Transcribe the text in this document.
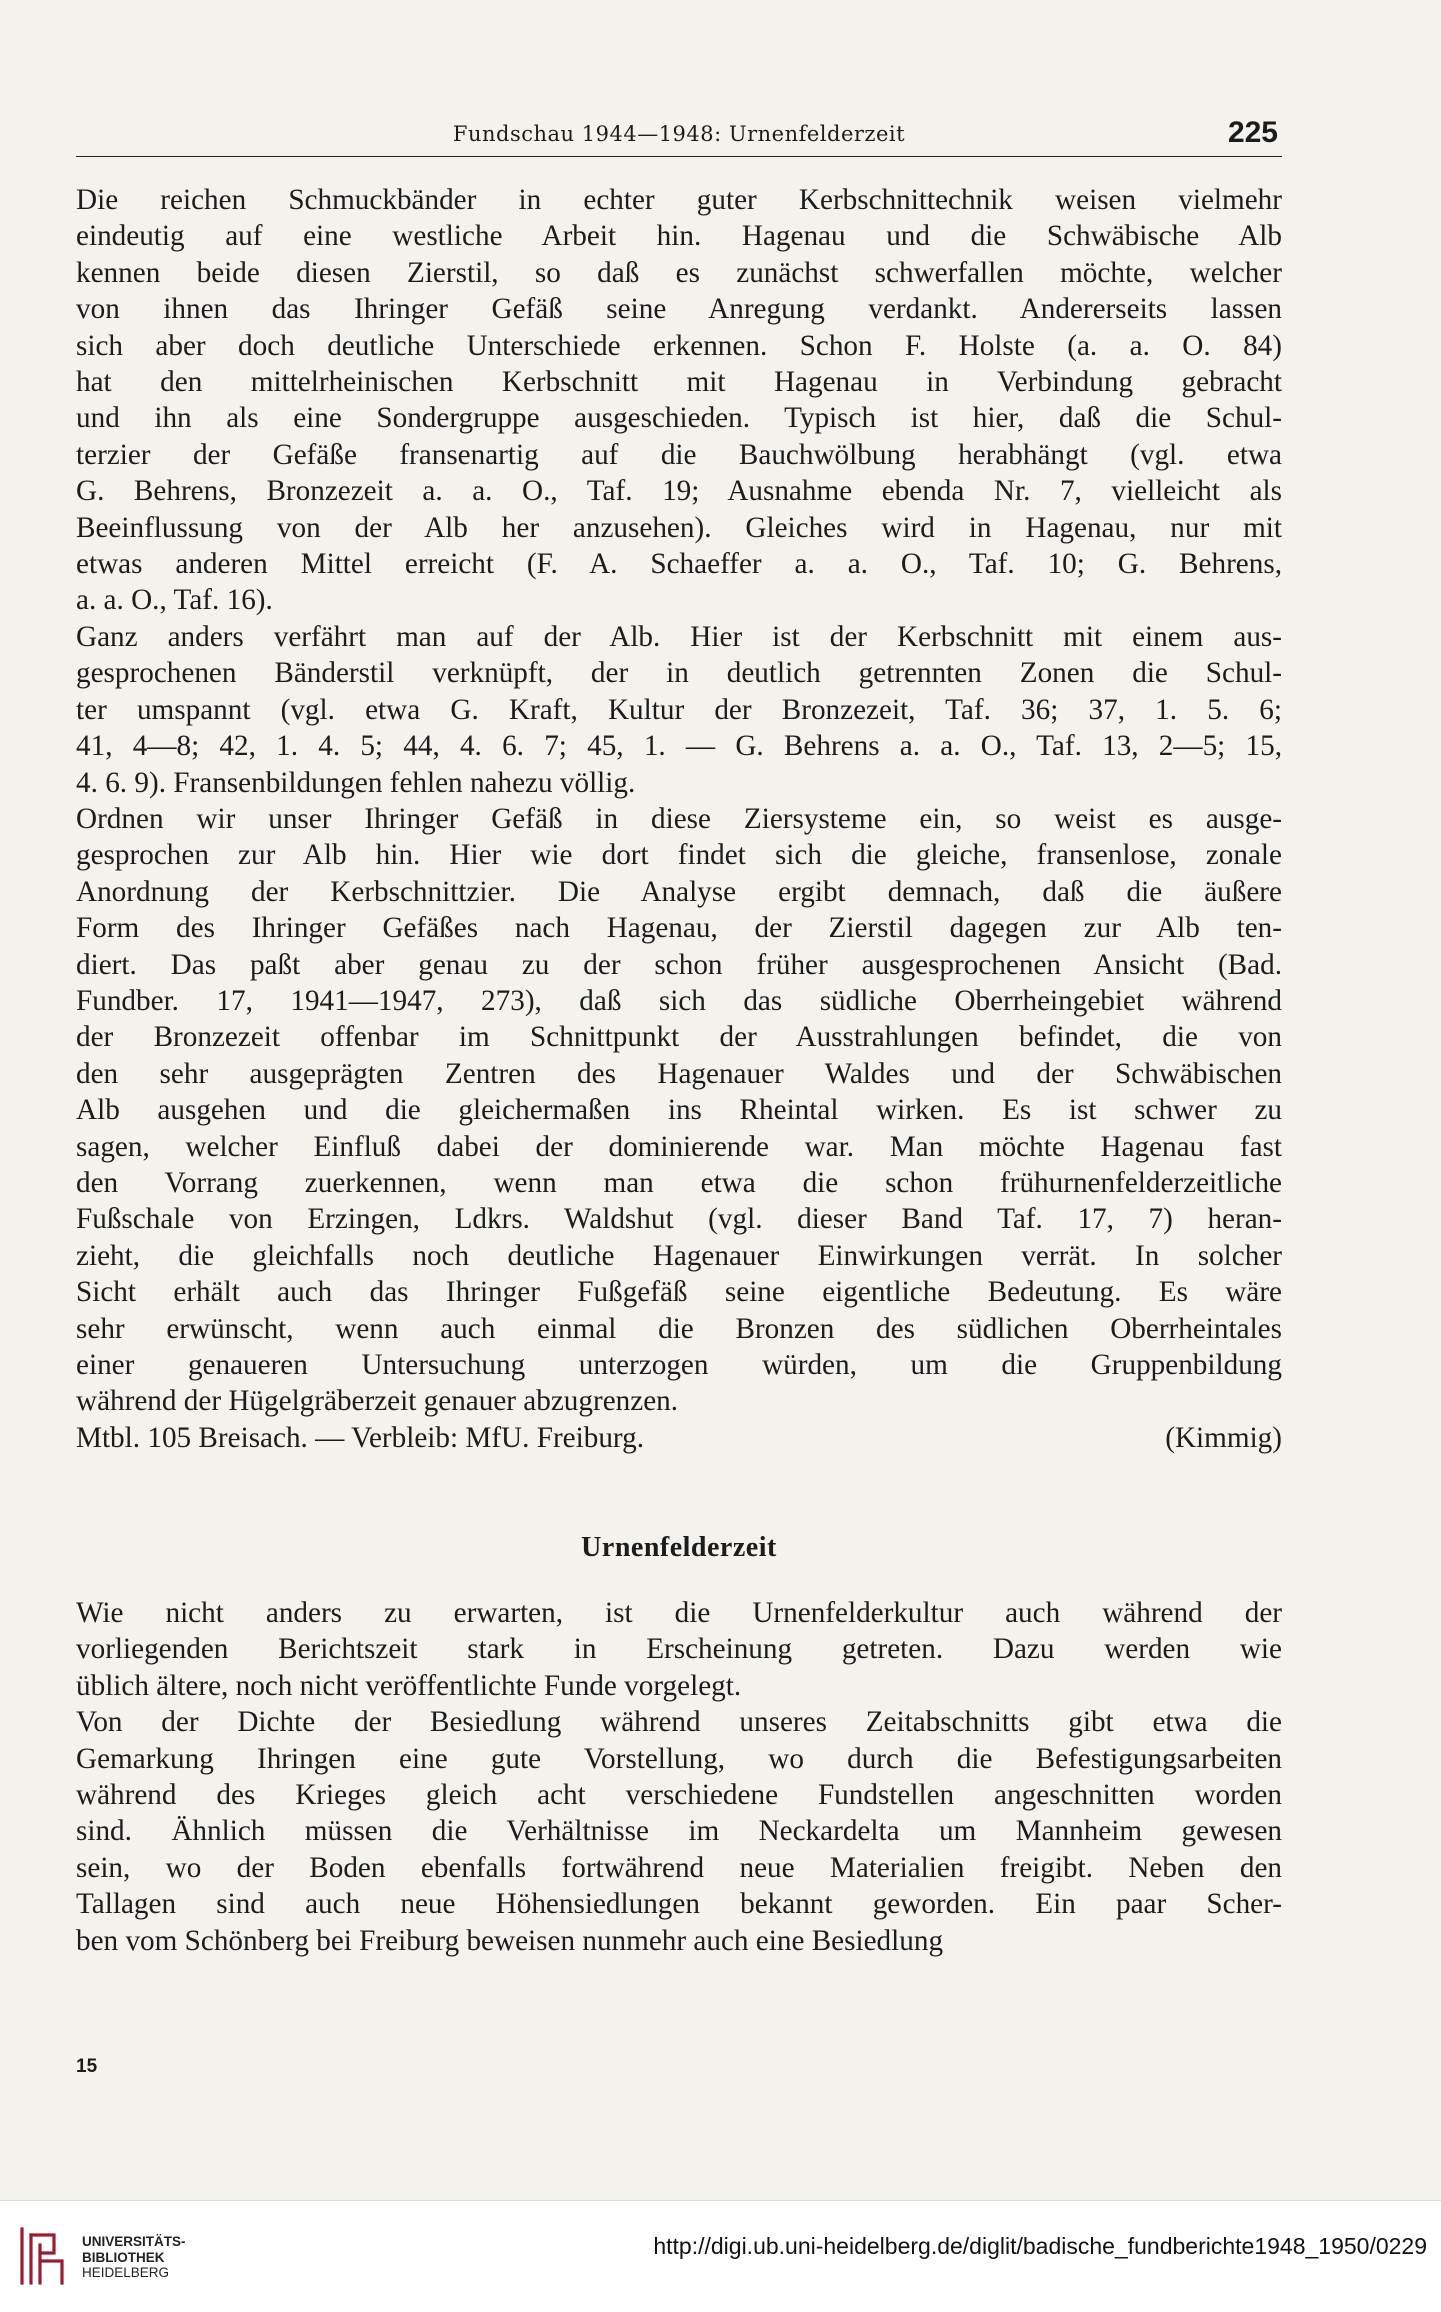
Fundschau 1944—1948: Urnenfelderzeit	225

Die reichen Schmuckbänder in echter guter Kerbschnittechnik weisen vielmehr
eindeutig auf eine westliche Arbeit hin. Hagenau und die Schwäbische Alb
kennen beide diesen Zierstil, so daß es zunächst schwerfallen möchte, welcher
von ihnen das Ihringer Gefäß seine Anregung verdankt. Andererseits lassen
sich aber doch deutliche Unterschiede erkennen. Schon F. Holste (a. a. O. 84)
hat den mittelrheinischen Kerbschnitt mit Hagenau in Verbindung gebracht
und ihn als eine Sondergruppe ausgeschieden. Typisch ist hier, daß die Schul-
terzier der Gefäße fransenartig auf die Bauchwölbung herabhängt (vgl. etwa
G. Behrens, Bronzezeit a. a. O., Taf. 19; Ausnahme ebenda Nr. 7, vielleicht als
Beeinflussung von der Alb her anzusehen). Gleiches wird in Hagenau, nur mit
etwas anderen Mittel erreicht (F. A. Schaeffer a. a. O., Taf. 10; G. Behrens,
a. a. O., Taf. 16).

Ganz anders verfährt man auf der Alb. Hier ist der Kerbschnitt mit einem aus-
gesprochenen Bänderstil verknüpft, der in deutlich getrennten Zonen die Schul-
ter umspannt (vgl. etwa G. Kraft, Kultur der Bronzezeit, Taf. 36; 37, 1. 5. 6;
41, 4—8; 42, 1. 4. 5; 44, 4. 6. 7; 45, 1. — G. Behrens a. a. O., Taf. 13, 2—5; 15,
4. 6. 9). Fransenbildungen fehlen nahezu völlig.

Ordnen wir unser Ihringer Gefäß in diese Ziersysteme ein, so weist es ausge-
gesprochen zur Alb hin. Hier wie dort findet sich die gleiche, fransenlose, zonale
Anordnung der Kerbschnittzier. Die Analyse ergibt demnach, daß die äußere
Form des Ihringer Gefäßes nach Hagenau, der Zierstil dagegen zur Alb ten-
diert. Das paßt aber genau zu der schon früher ausgesprochenen Ansicht (Bad.
Fundber. 17, 1941—1947, 273), daß sich das südliche Oberrheingebiet während
der Bronzezeit offenbar im Schnittpunkt der Ausstrahlungen befindet, die von
den sehr ausgeprägten Zentren des Hagenauer Waldes und der Schwäbischen
Alb ausgehen und die gleichermaßen ins Rheintal wirken. Es ist schwer zu
sagen, welcher Einfluß dabei der dominierende war. Man möchte Hagenau fast
den Vorrang zuerkennen, wenn man etwa die schon frühurnenfelderzeitliche
Fußschale von Erzingen, Ldkrs. Waldshut (vgl. dieser Band Taf. 17, 7) heran-
zieht, die gleichfalls noch deutliche Hagenauer Einwirkungen verrät. In solcher
Sicht erhält auch das Ihringer Fußgefäß seine eigentliche Bedeutung. Es wäre
sehr erwünscht, wenn auch einmal die Bronzen des südlichen Oberrheintales
einer genaueren Untersuchung unterzogen würden, um die Gruppenbildung
während der Hügelgräberzeit genauer abzugrenzen.

Mtbl. 105 Breisach. — Verbleib: MfU. Freiburg.	(Kimmig)
Urnenfelderzeit

Wie nicht anders zu erwarten, ist die Urnenfelderkultur auch während der
vorliegenden Berichtszeit stark in Erscheinung getreten. Dazu werden wie
üblich ältere, noch nicht veröffentlichte Funde vorgelegt.

Von der Dichte der Besiedlung während unseres Zeitabschnitts gibt etwa die
Gemarkung Ihringen eine gute Vorstellung, wo durch die Befestigungsarbeiten
während des Krieges gleich acht verschiedene Fundstellen angeschnitten worden
sind. Ähnlich müssen die Verhältnisse im Neckardelta um Mannheim gewesen
sein, wo der Boden ebenfalls fortwährend neue Materialien freigibt. Neben den
Tallagen sind auch neue Höhensiedlungen bekannt geworden. Ein paar Scher-
ben vom Schönberg bei Freiburg beweisen nunmehr auch eine Besiedlung

15
UNIVERSITÄTS-
BIBLIOTHEK
HEIDELBERG
http://digi.ub.uni-heidelberg.de/diglit/badische_fundberichte1948_1950/0229
